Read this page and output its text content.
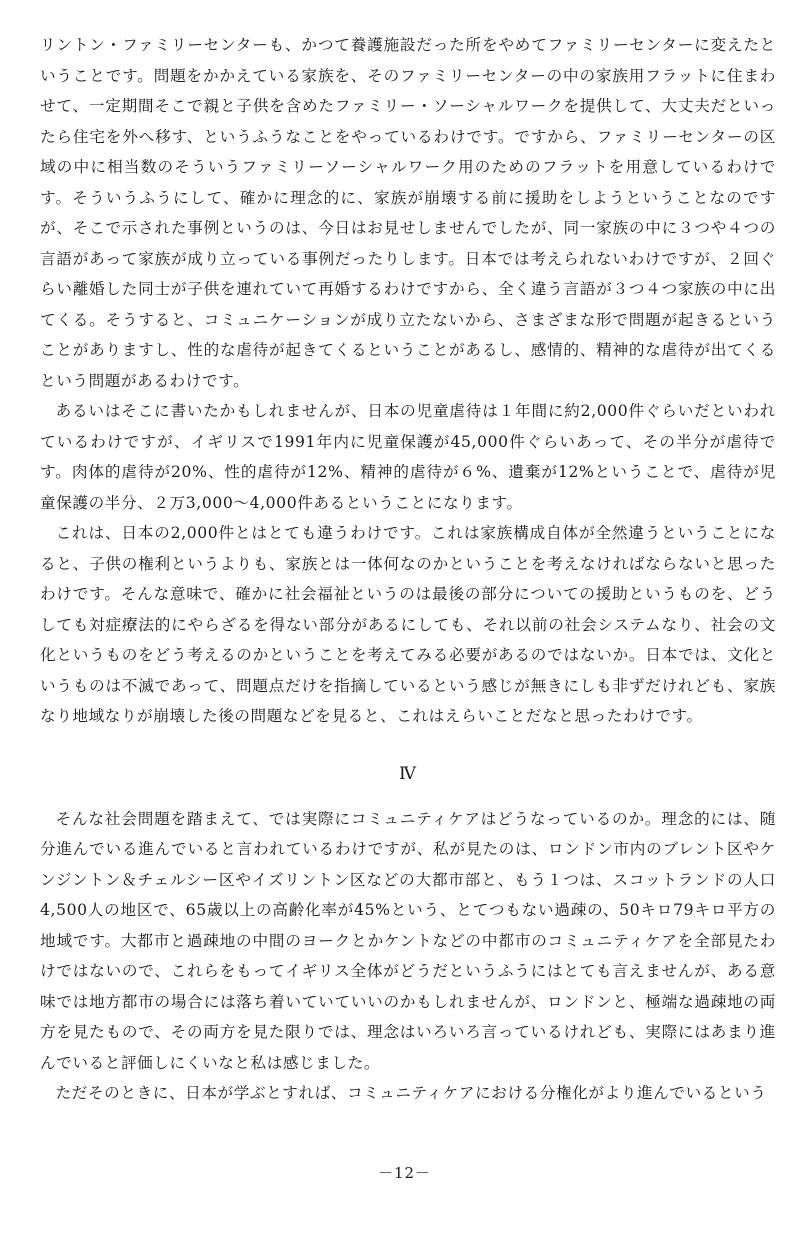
リントン・ファミリーセンターも、かつて養護施設だった所をやめてファミリーセンターに変えたということです。問題をかかえている家族を、そのファミリーセンターの中の家族用フラットに住まわせて、一定期間そこで親と子供を含めたファミリー・ソーシャルワークを提供して、大丈夫だといったら住宅を外へ移す、というふうなことをやっているわけです。ですから、ファミリーセンターの区域の中に相当数のそういうファミリーソーシャルワーク用のためのフラットを用意しているわけです。そういうふうにして、確かに理念的に、家族が崩壊する前に援助をしようということなのですが、そこで示された事例というのは、今日はお見せしませんでしたが、同一家族の中に３つや４つの言語があって家族が成り立っている事例だったりします。日本では考えられないわけですが、２回ぐらい離婚した同士が子供を連れていて再婚するわけですから、全く違う言語が３つ４つ家族の中に出てくる。そうすると、コミュニケーションが成り立たないから、さまざまな形で問題が起きるということがありますし、性的な虐待が起きてくるということがあるし、感情的、精神的な虐待が出てくるという問題があるわけです。

あるいはそこに書いたかもしれませんが、日本の児童虐待は１年間に約2,000件ぐらいだといわれているわけですが、イギリスで1991年内に児童保護が45,000件ぐらいあって、その半分が虐待です。肉体的虐待が20%、性的虐待が12%、精神的虐待が６%、遺棄が12%ということで、虐待が児童保護の半分、２万3,000～4,000件あるということになります。

これは、日本の2,000件とはとても違うわけです。これは家族構成自体が全然違うということになると、子供の権利というよりも、家族とは一体何なのかということを考えなければならないと思ったわけです。そんな意味で、確かに社会福祉というのは最後の部分についての援助というものを、どうしても対症療法的にやらざるを得ない部分があるにしても、それ以前の社会システムなり、社会の文化というものをどう考えるのかということを考えてみる必要があるのではないか。日本では、文化というものは不滅であって、問題点だけを指摘しているという感じが無きにしも非ずだけれども、家族なり地域なりが崩壊した後の問題などを見ると、これはえらいことだなと思ったわけです。

Ⅳ

そんな社会問題を踏まえて、では実際にコミュニティケアはどうなっているのか。理念的には、随分進んでいる進んでいると言われているわけですが、私が見たのは、ロンドン市内のブレント区やケンジントン＆チェルシー区やイズリントン区などの大都市部と、もう１つは、スコットランドの人口4,500人の地区で、65歳以上の高齢化率が45%という、とてつもない過疎の、50キロ79キロ平方の地域です。大都市と過疎地の中間のヨークとかケントなどの中都市のコミュニティケアを全部見たわけではないので、これらをもってイギリス全体がどうだというふうにはとても言えませんが、ある意味では地方都市の場合には落ち着いていていいのかもしれませんが、ロンドンと、極端な過疎地の両方を見たもので、その両方を見た限りでは、理念はいろいろ言っているけれども、実際にはあまり進んでいると評価しにくいなと私は感じました。

ただそのときに、日本が学ぶとすれば、コミュニティケアにおける分権化がより進んでいるという

－12－
